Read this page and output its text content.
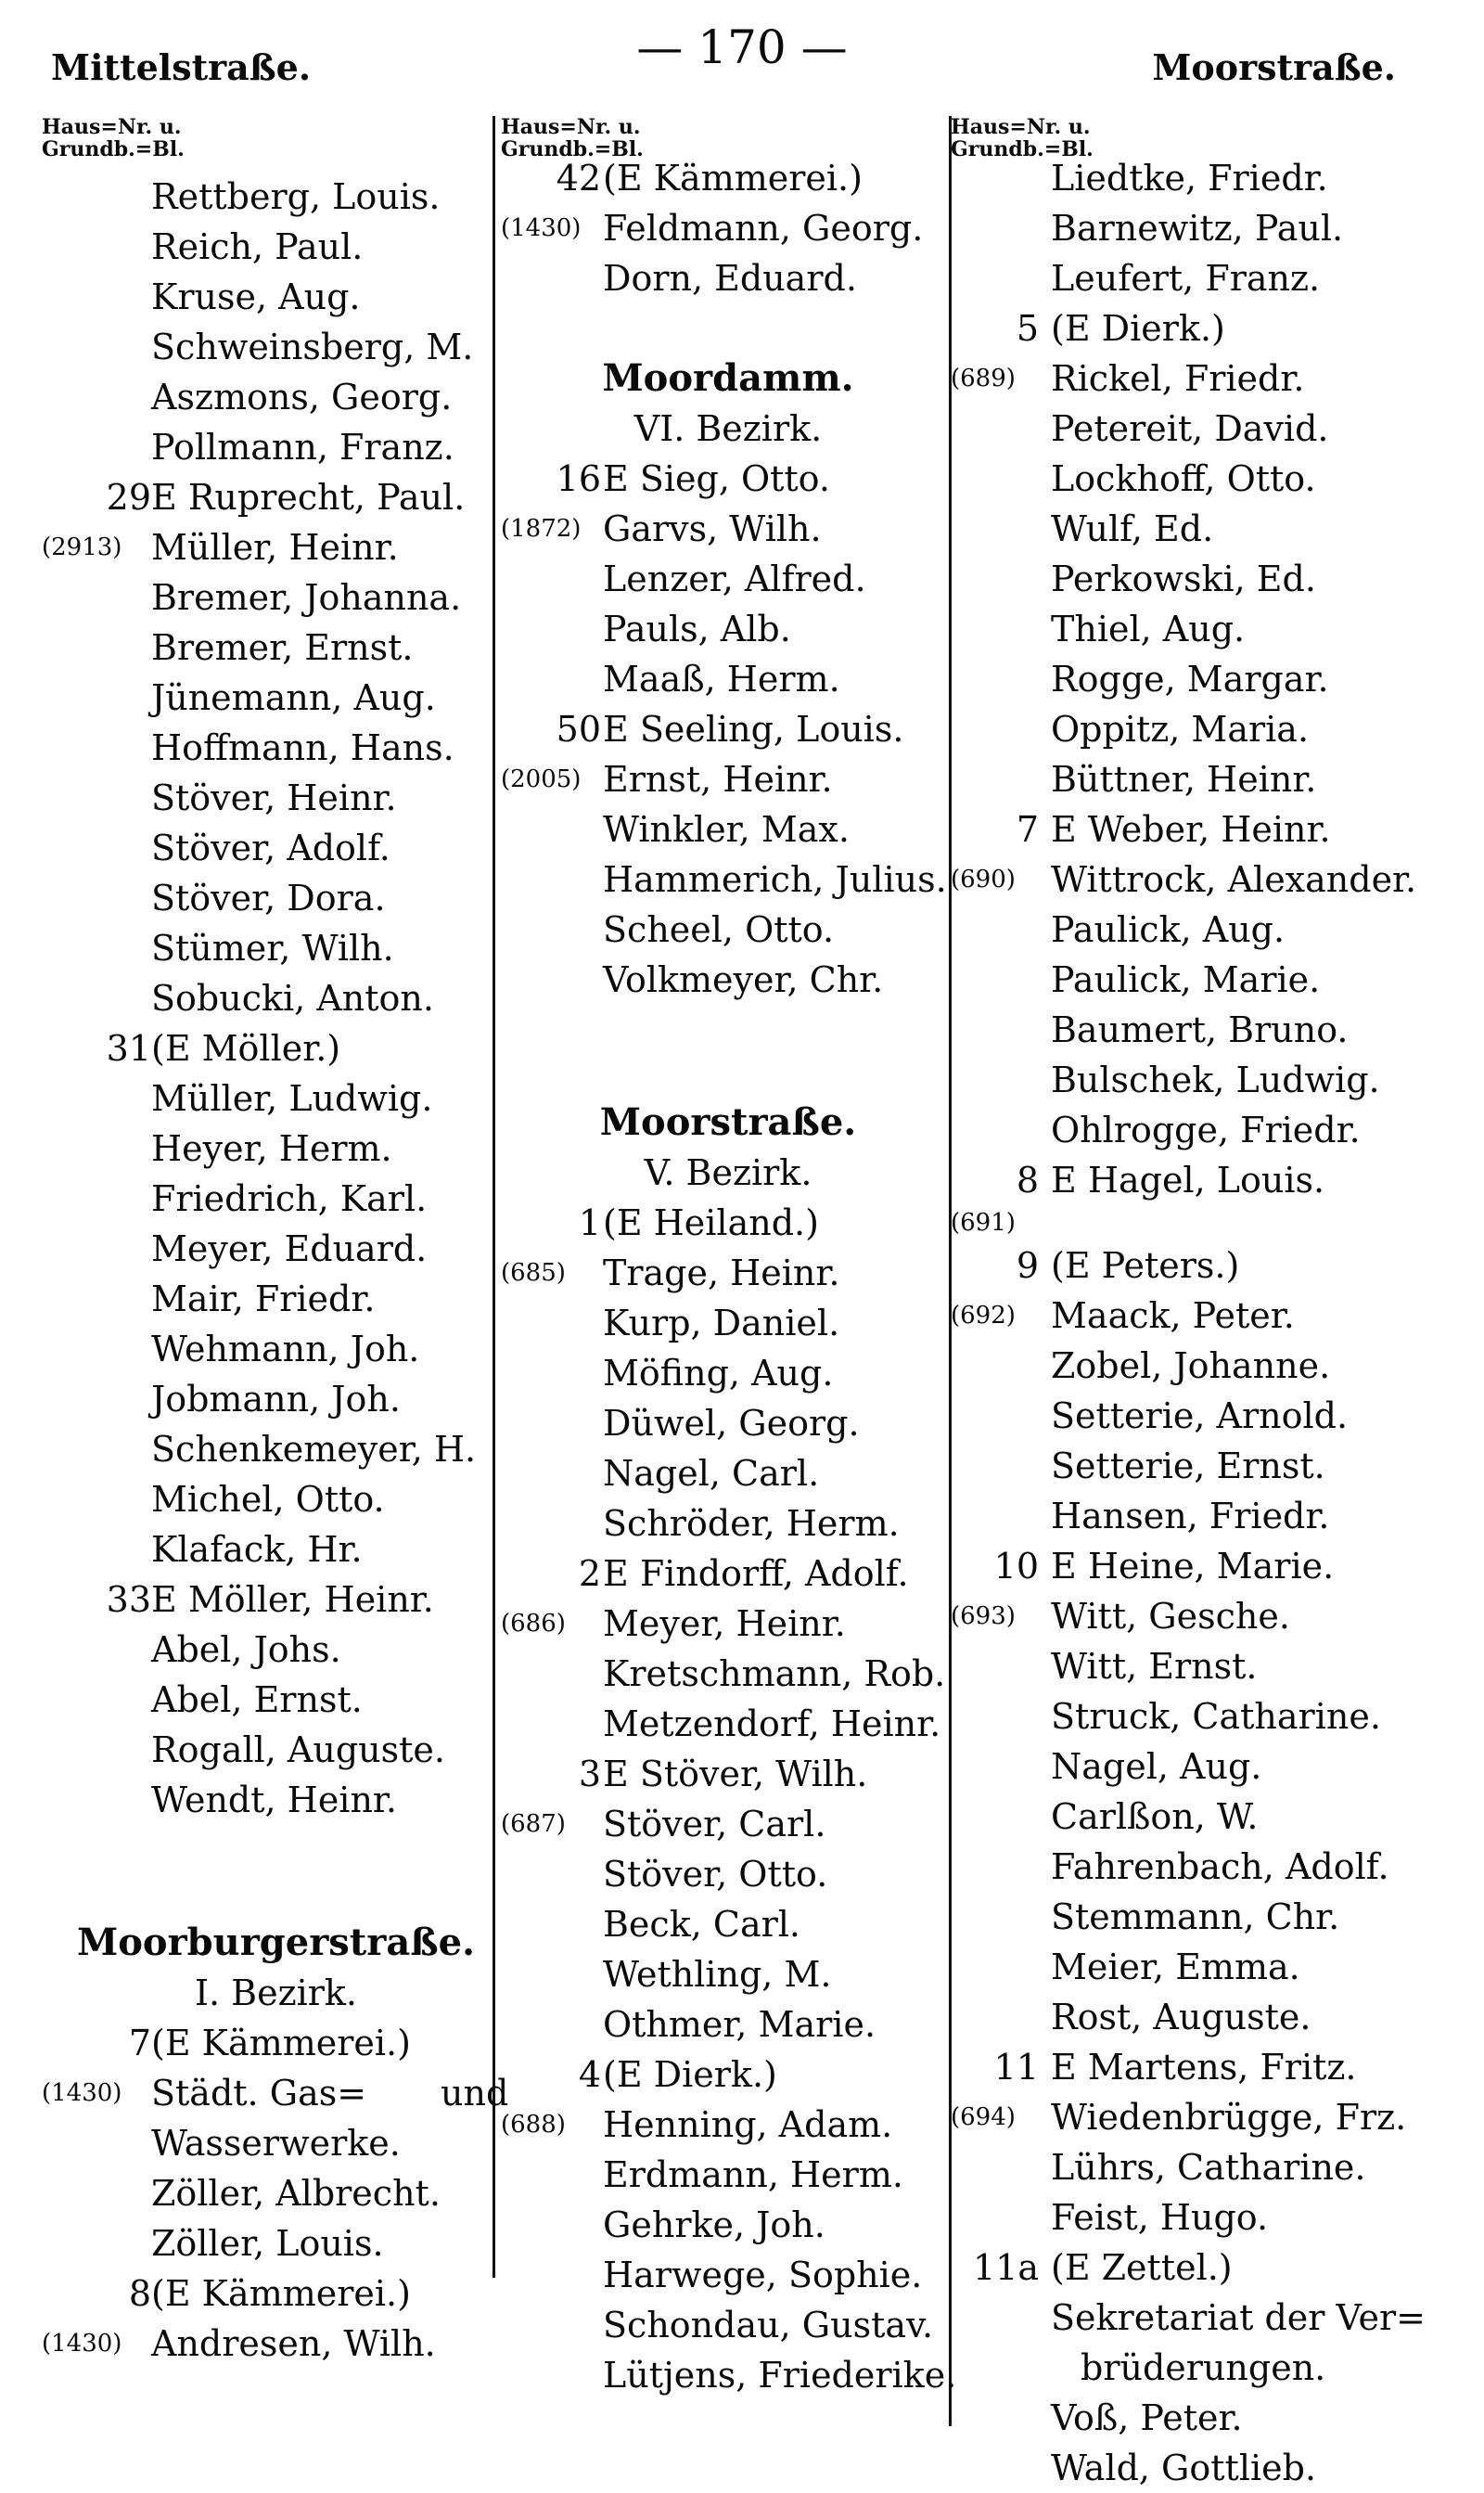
Mittelstraße.	— 170 —	Moorstraße.
Haus=Nr. u.
Grundb.=Bl.
Rettberg, Louis.
Reich, Paul.
Kruse, Aug.
Schweinsberg, M.
Aszmons, Georg.
Pollmann, Franz.
29 E Ruprecht, Paul.
(2913) Müller, Heinr.
Bremer, Johanna.
Bremer, Ernst.
Jünemann, Aug.
Hoffmann, Hans.
Stöver, Heinr.
Stöver, Adolf.
Stöver, Dora.
Stümer, Wilh.
Sobucki, Anton.
31 (E Möller.)
Müller, Ludwig.
Heyer, Herm.
Friedrich, Karl.
Meyer, Eduard.
Mair, Friedr.
Wehmann, Joh.
Jobmann, Joh.
Schenkemeyer, H.
Michel, Otto.
Klafack, Hr.
33 E Möller, Heinr.
Abel, Johs.
Abel, Ernst.
Rogall, Auguste.
Wendt, Heinr.
Moorburgerstraße.
I. Bezirk.
7 (E Kämmerei.)
(1430) Städt. Gas= und
Wasserwerke.
Zöller, Albrecht.
Zöller, Louis.
8 (E Kämmerei.)
(1430) Andresen, Wilh.
Haus=Nr. u.
Grundb.=Bl.
42 (E Kämmerei.)
(1430) Feldmann, Georg.
Dorn, Eduard.
Moordamm.
VI. Bezirk.
16 E Sieg, Otto.
(1872) Garvs, Wilh.
Lenzer, Alfred.
Pauls, Alb.
Maaß, Herm.
50 E Seeling, Louis.
(2005) Ernst, Heinr.
Winkler, Max.
Hammerich, Julius.
Scheel, Otto.
Volkmeyer, Chr.
Moorstraße.
V. Bezirk.
1 (E Heiland.)
(685) Trage, Heinr.
Kurp, Daniel.
Möfing, Aug.
Düwel, Georg.
Nagel, Carl.
Schröder, Herm.
2 E Findorff, Adolf.
(686) Meyer, Heinr.
Kretschmann, Rob.
Metzendorf, Heinr.
3 E Stöver, Wilh.
(687) Stöver, Carl.
Stöver, Otto.
Beck, Carl.
Wethling, M.
Othmer, Marie.
4 (E Dierk.)
(688) Henning, Adam.
Erdmann, Herm.
Gehrke, Joh.
Harwege, Sophie.
Schondau, Gustav.
Lütjens, Friederike.
Haus=Nr. u.
Grundb.=Bl.
Liedtke, Friedr.
Barnewitz, Paul.
Leufert, Franz.
5 (E Dierk.)
(689) Rickel, Friedr.
Petereit, David.
Lockhoff, Otto.
Wulf, Ed.
Perkowski, Ed.
Thiel, Aug.
Rogge, Margar.
Oppitz, Maria.
Büttner, Heinr.
7 E Weber, Heinr.
(690) Wittrock, Alexander.
Paulick, Aug.
Paulick, Marie.
Baumert, Bruno.
Bulschek, Ludwig.
Ohlrogge, Friedr.
8 E Hagel, Louis.
(691)
9 (E Peters.)
(692) Maack, Peter.
Zobel, Johanne.
Setterie, Arnold.
Setterie, Ernst.
Hansen, Friedr.
10 E Heine, Marie.
(693) Witt, Gesche.
Witt, Ernst.
Struck, Catharine.
Nagel, Aug.
Carlßon, W.
Fahrenbach, Adolf.
Stemmann, Chr.
Meier, Emma.
Rost, Auguste.
11 E Martens, Fritz.
(694) Wiedenbrügge, Frz.
Lührs, Catharine.
Feist, Hugo.
11a (E Zettel.)
Sekretariat der Ver=
brüderungen.
Voß, Peter.
Wald, Gottlieb.
